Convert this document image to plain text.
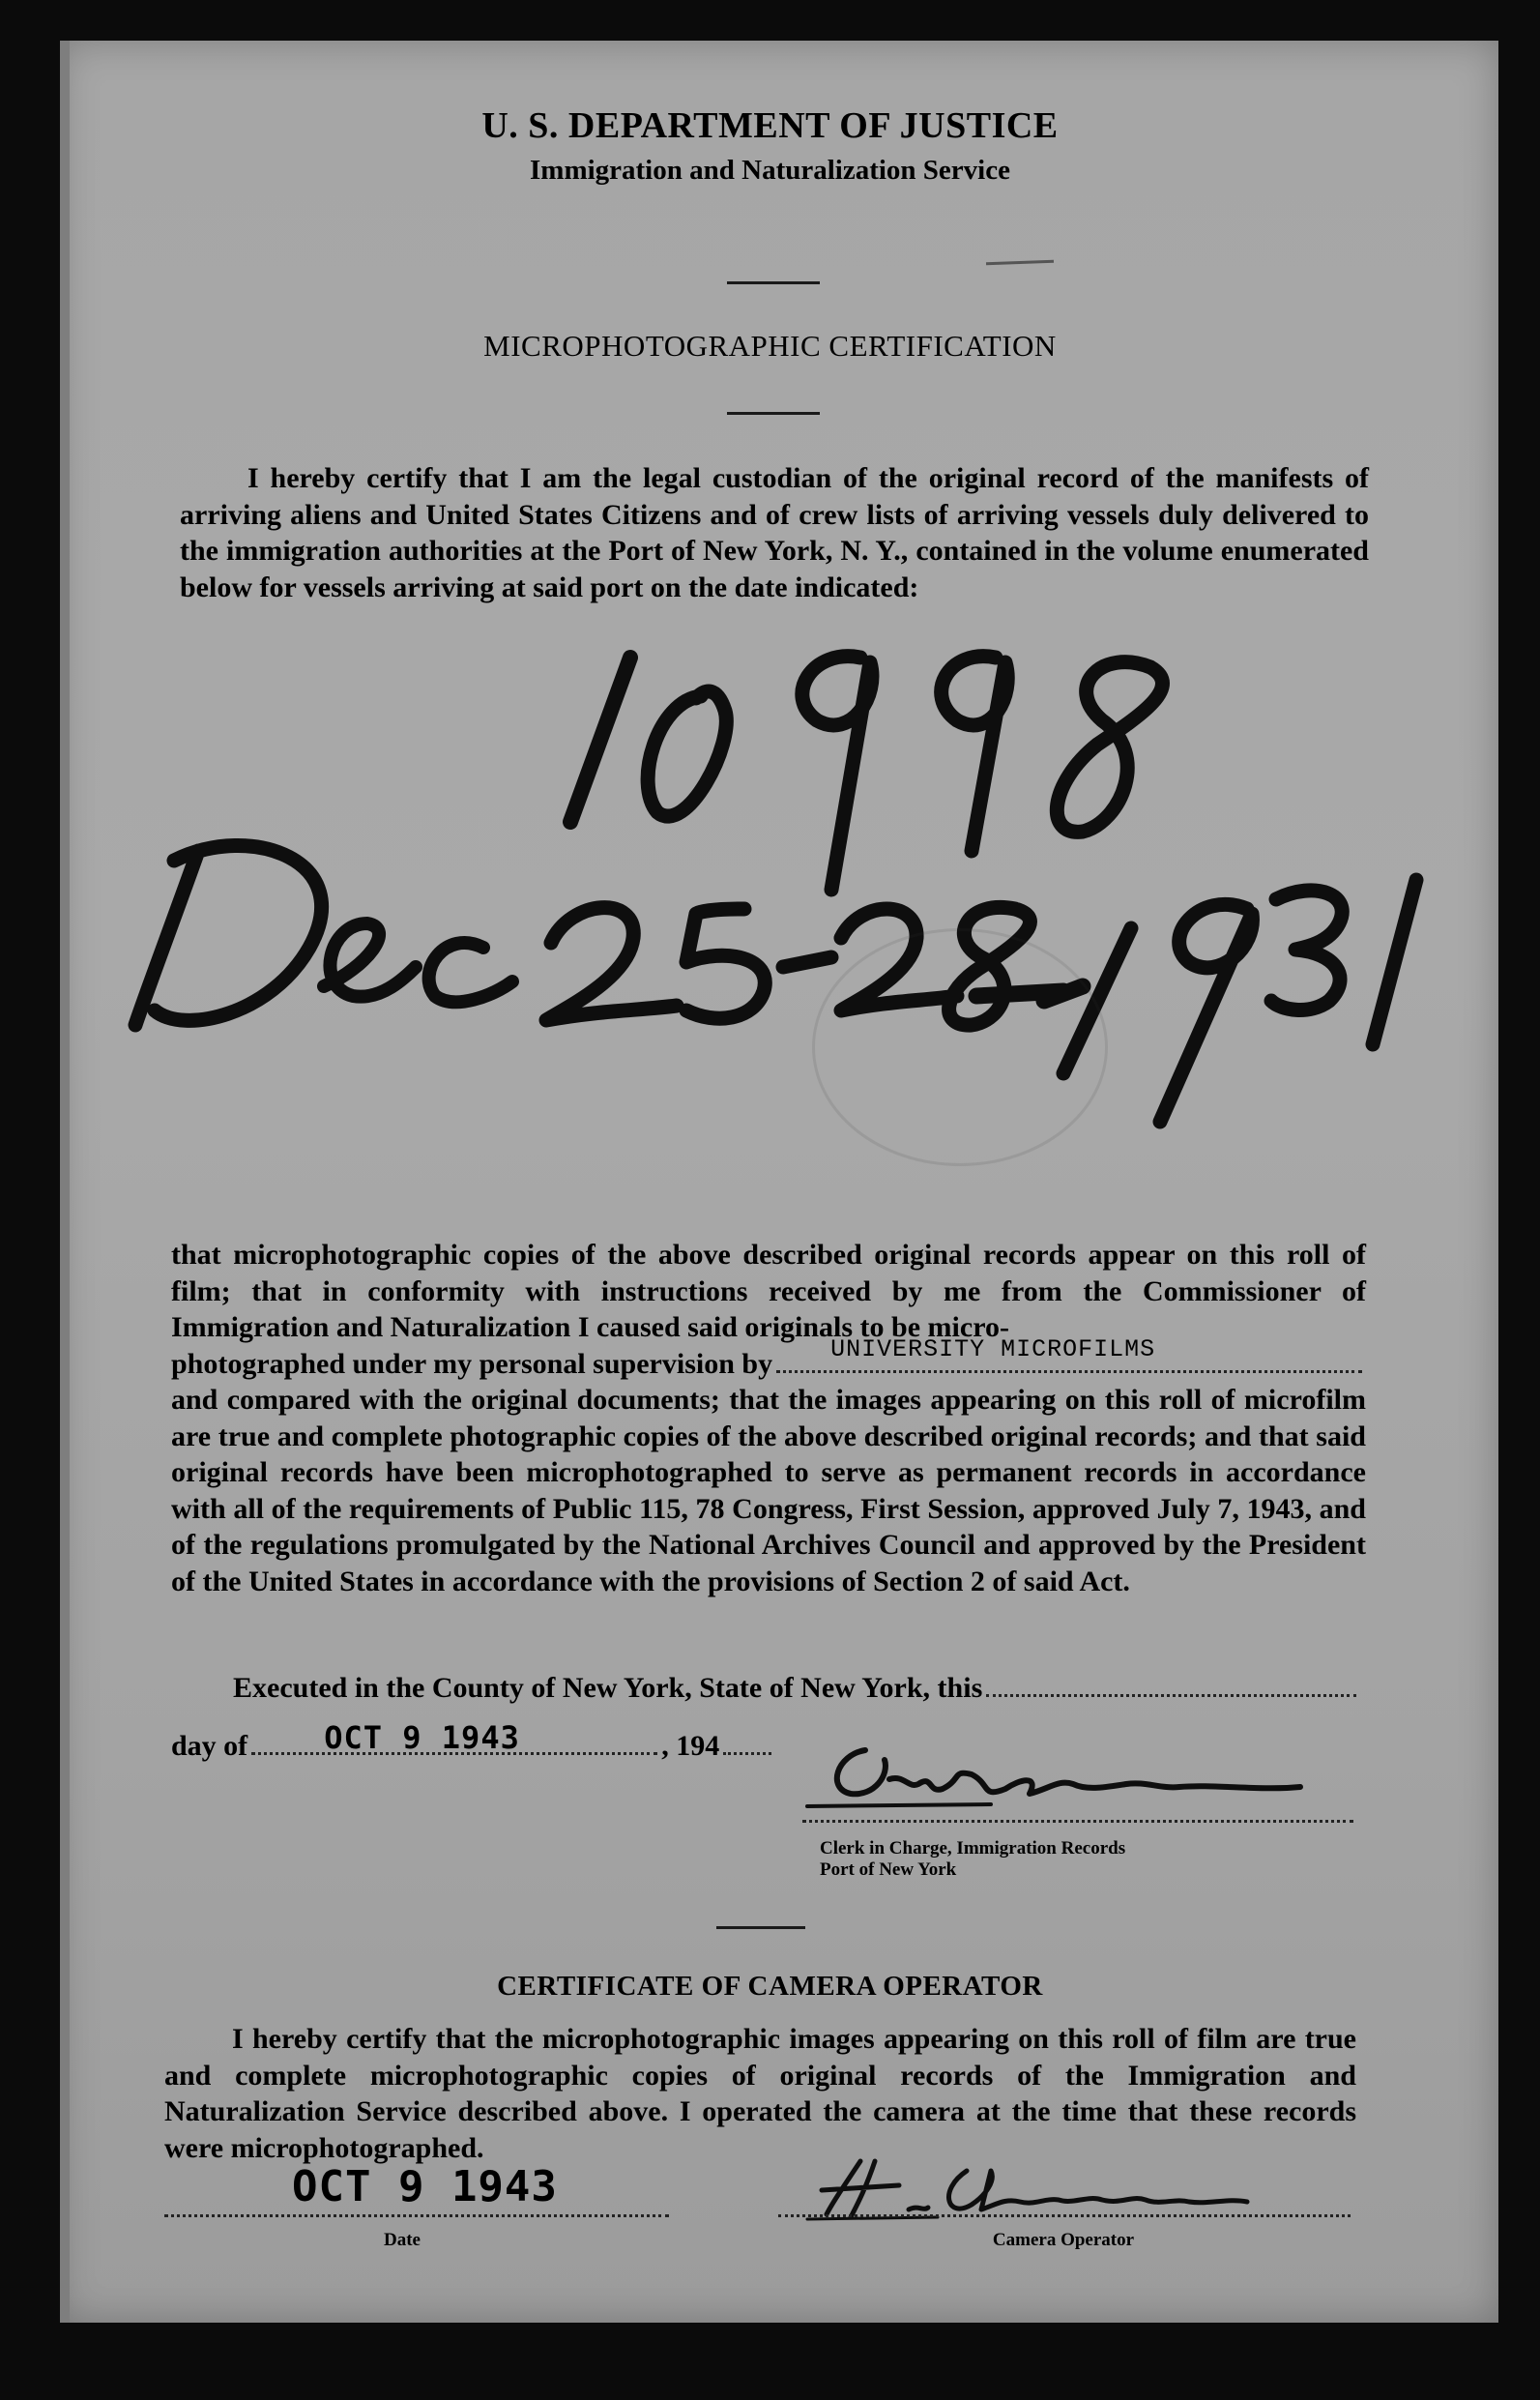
U. S. DEPARTMENT OF JUSTICE
Immigration and Naturalization Service
MICROPHOTOGRAPHIC CERTIFICATION

I hereby certify that I am the legal custodian of the original record of the manifests of arriving aliens and United States Citizens and of crew lists of arriving vessels duly delivered to the immigration authorities at the Port of New York, N. Y., contained in the volume enumerated below for vessels arriving at said port on the date indicated:

that microphotographic copies of the above described original records appear on this roll of film; that in conformity with instructions received by me from the Commissioner of Immigration and Naturalization I caused said originals to be micro-

photographed under my personal supervision by UNIVERSITY MICROFILMS

and compared with the original documents; that the images appearing on this roll of microfilm are true and complete photographic copies of the above described original records; and that said original records have been microphotographed to serve as permanent records in accordance with all of the requirements of Public 115, 78 Congress, First Session, approved July 7, 1943, and of the regulations promulgated by the National Archives Council and approved by the President of the United States in accordance with the provisions of Section 2 of said Act.

Executed in the County of New York, State of New York, this
day of OCT 9 1943	, 194
Clerk in Charge, Immigration Records
Port of New York
CERTIFICATE OF CAMERA OPERATOR

I hereby certify that the microphotographic images appearing on this roll of film are true and complete microphotographic copies of original records of the Immigration and Naturalization Service described above. I operated the camera at the time that these records were microphotographed.

OCT 9 1943
Date	Camera Operator
